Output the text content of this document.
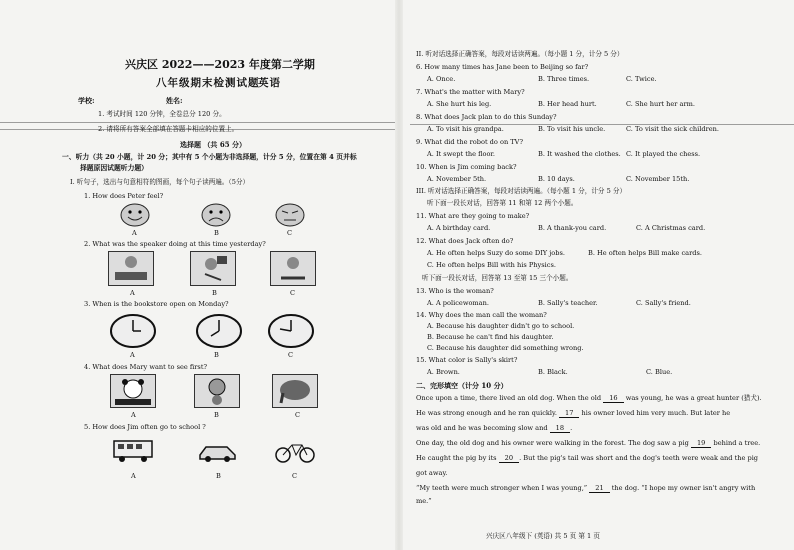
兴庆区 2022——2023 年度第二学期
八年级期末检测试题
英语
学校:	姓名:
1. 考试时间 120 分钟，全卷总分 120 分。
2. 请将所有答案全部填在答题卡相应的位置上。
选择题 （共 65 分）
一、听力（共 20 小题，计 20 分；其中有 5 个小题为非选择题，计分 5 分，位置在第 4 页并标
择题原因试题听力题）
I. 听句子，选出与句意相符的图画，每个句子读两遍。（5分）
1. How does Peter feel?
A	B	C
2. What was the speaker doing at this time yesterday?
A	B	C
3. When is the bookstore open on Monday?
A	B	C
4. What does Mary want to see first?
A	B	C
5. How does Jim often go to school ?
A	B	C
II. 听对话选择正确答案，每段对话读两遍。（每小题 1 分，计分 5 分）
6. How many times has Jane been to Beijing so far?
A. Once.	B. Three times.	C. Twice.
7. What's the matter with Mary?
A. She hurt his leg.	B. Her head hurt.	C. She hurt her arm.
8. What does Jack plan to do this Sunday?
A. To visit his grandpa.	B. To visit his uncle.	C. To visit the sick children.
9. What did the robot do on TV?
A. It swept the floor.	B. It washed the clothes. C. It played the chess.
10. When is Jim coming back?
A. November 5th.	B. 10 days.	C. November 15th.
III. 听对话选择正确答案，每段对话读两遍。（每小题 1 分，计分 5 分）
听下面一段长对话，回答第 11 和第 12 两个小题。
11. What are they going to make?
A. A birthday card.	B. A thank-you card.	C. A Christmas card.
12. What does Jack often do?
A. He often helps Suzy do some DIY jobs.	B. He often helps Bill make cards.
C. He often helps Bill with his Physics.
听下面一段长对话，回答第 13 至第 15 三个小题。
13. Who is the woman?
A. A policewoman.	B. Sally's teacher.	C. Sally's friend.
14. Why does the man call the woman?
A. Because his daughter didn't go to school.
B. Because he can't find his daughter.
C. Because his daughter did something wrong.
15. What color is Sally's skirt?
A. Brown.	B. Black.	C. Blue.
二、完形填空（计分 10 分）
Once upon a time, there lived an old dog. When the old 16 was young, he was a great hunter (猎犬).
He was strong enough and he ran quickly. 17 his owner loved him very much. But later he
was old and he was becoming slow and 18 .
One day, the old dog and his owner were walking in the forest. The dog saw a pig 19 behind a tree.
He caught the pig by its 20 . But the pig's tail was short and the dog's teeth were weak and the pig
got away.
“My teeth were much stronger when I was young,” 21 the dog. “I hope my owner isn't angry with
me.”
兴庆区八年级下 (英语) 共 5 页 第 1 页
